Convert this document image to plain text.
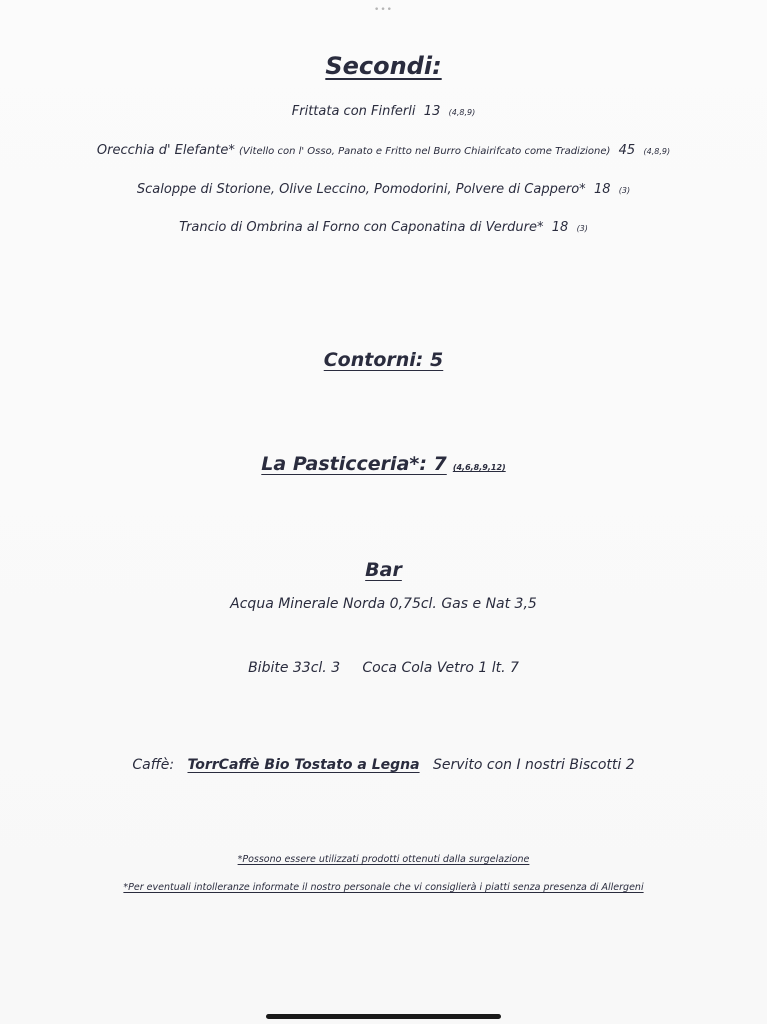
•••
Secondi:
Frittata con Finferli 13 (4,8,9)
Orecchia d' Elefante* (Vitello con l' Osso, Panato e Fritto nel Burro Chiairifcato come Tradizione) 45 (4,8,9)
Scaloppe di Storione, Olive Leccino, Pomodorini, Polvere di Cappero* 18 (3)
Trancio di Ombrina al Forno con Caponatina di Verdure* 18 (3)
Contorni: 5
La Pasticceria*: 7 (4,6,8,9,12)
Bar
Acqua Minerale Norda 0,75cl. Gas e Nat 3,5
Bibite 33cl. 3 Coca Cola Vetro 1 lt. 7
Caffè: TorrCaffè Bio Tostato a Legna Servito con I nostri Biscotti 2
*Possono essere utilizzati prodotti ottenuti dalla surgelazione
*Per eventuali intolleranze informate il nostro personale che vi consiglierà i piatti senza presenza di Allergeni
